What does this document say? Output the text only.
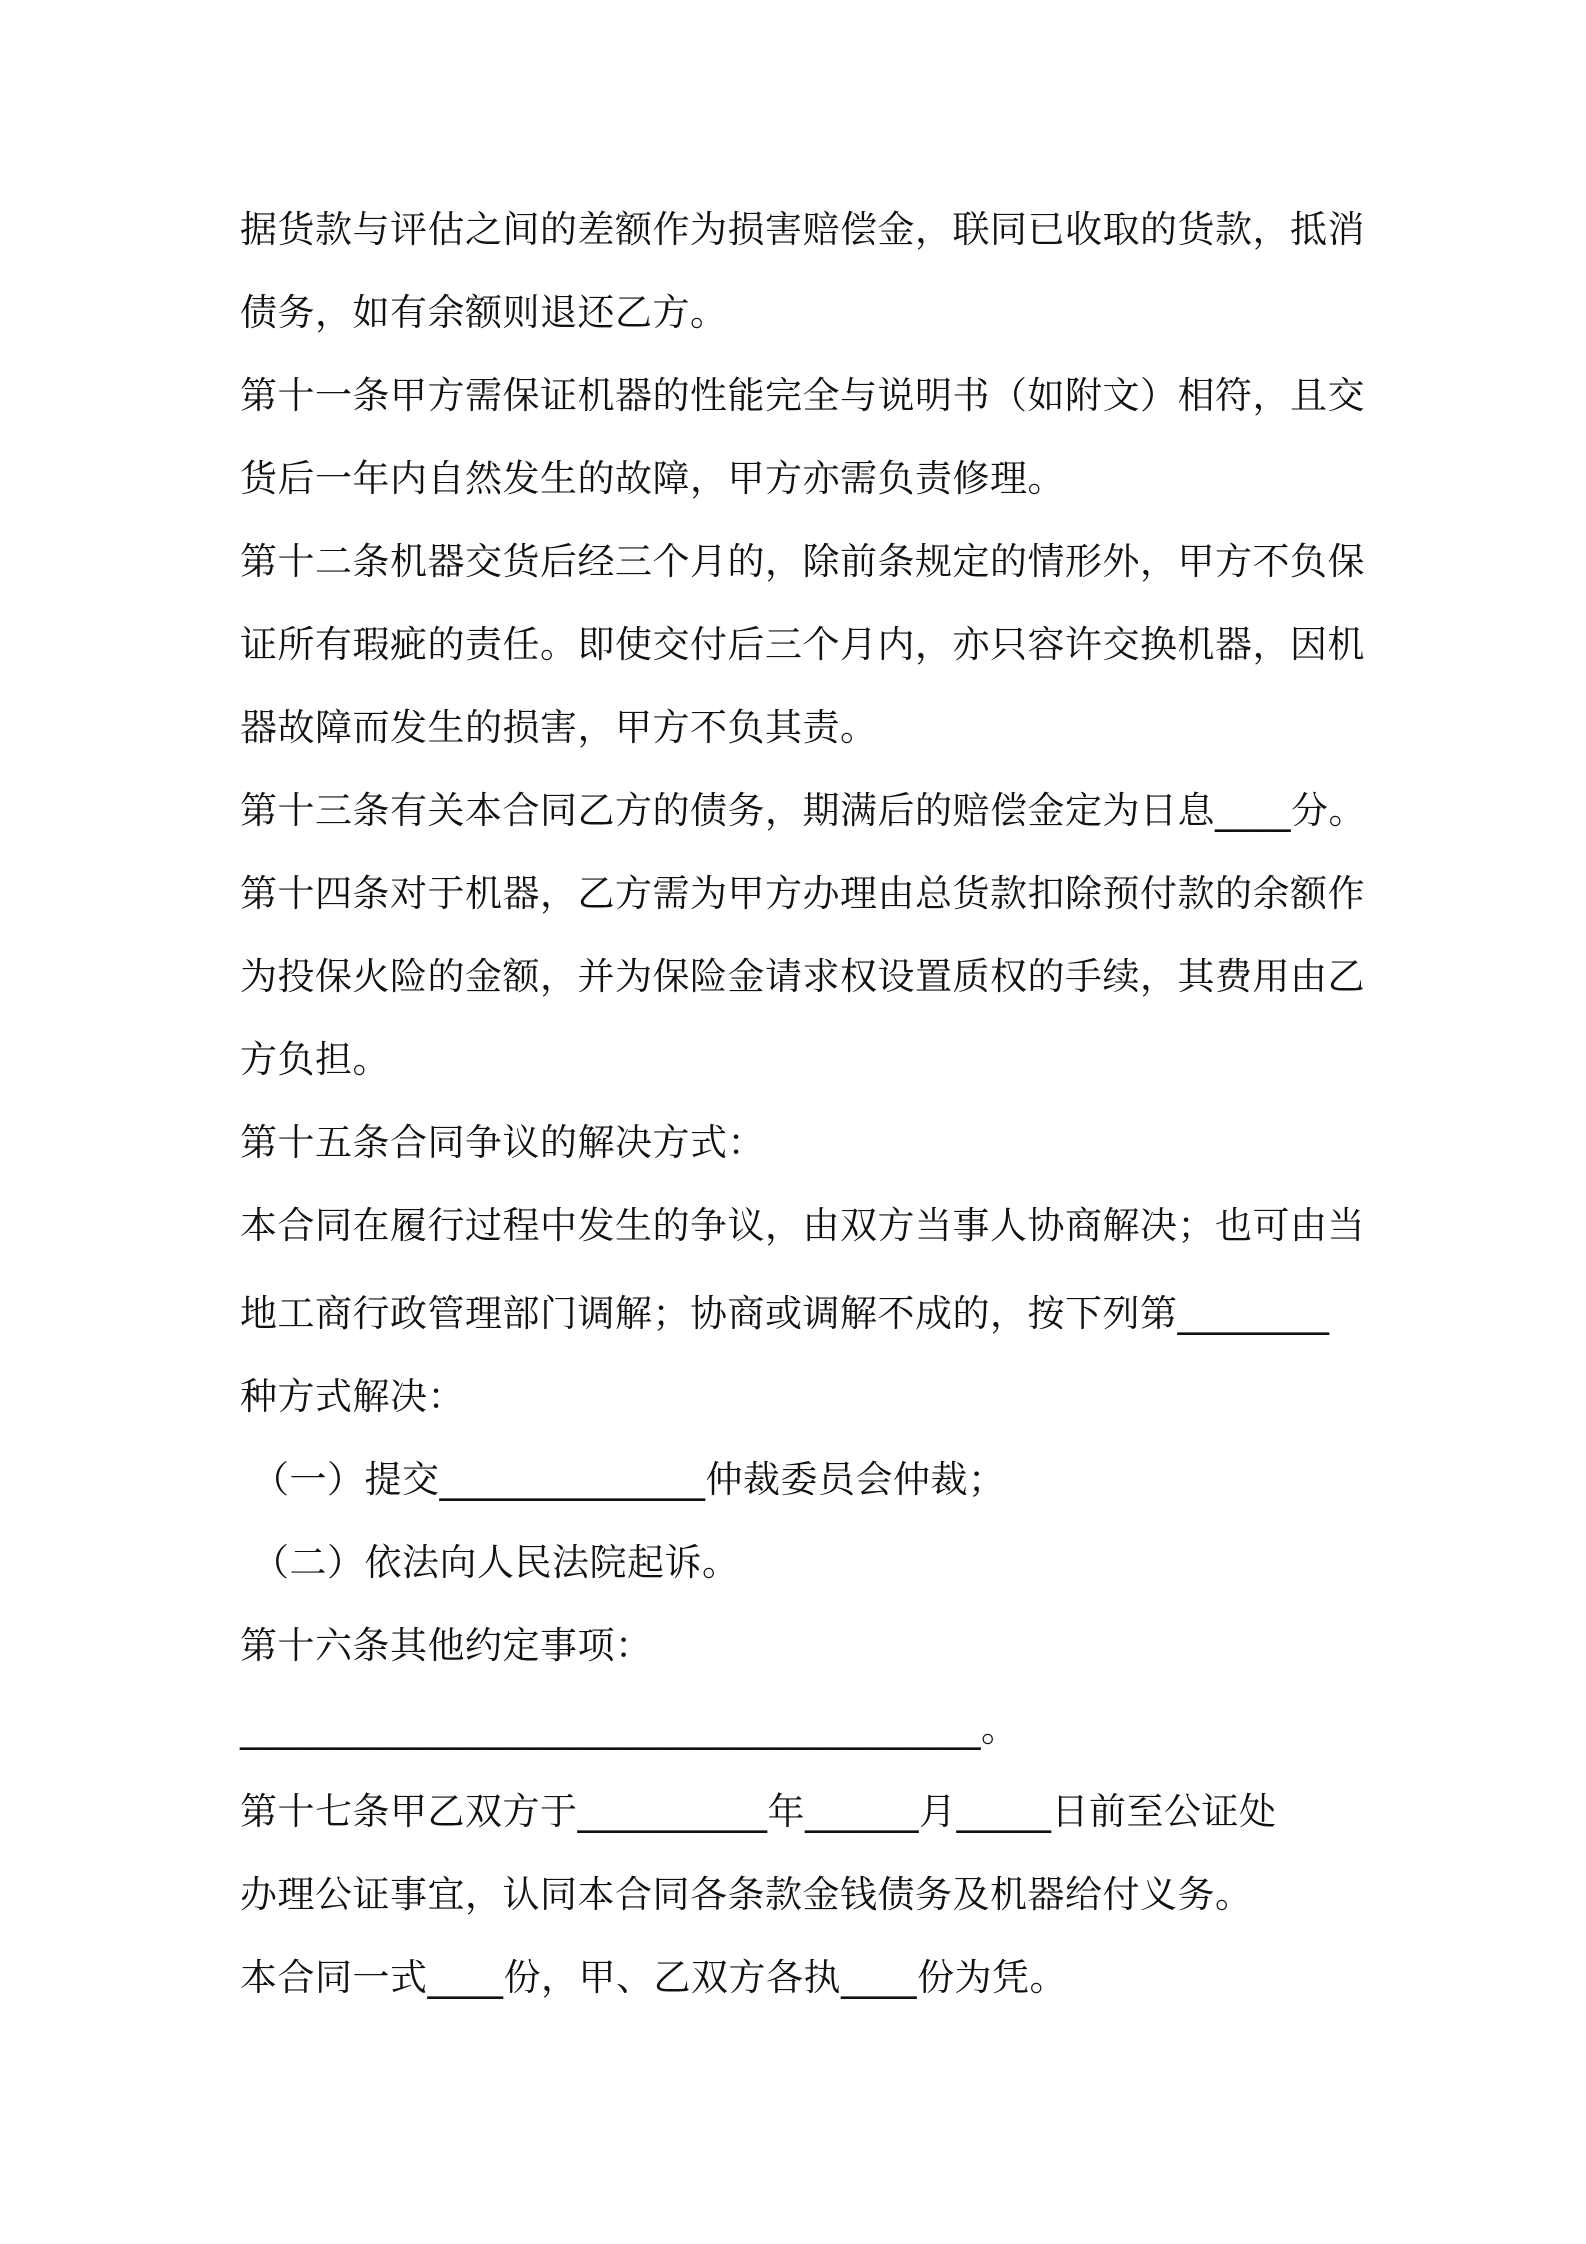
据货款与评估之间的差额作为损害赔偿金，联同已收取的货款，抵消
债务，如有余额则退还乙方。
第十一条甲方需保证机器的性能完全与说明书（如附文）相符，且交
货后一年内自然发生的故障，甲方亦需负责修理。
第十二条机器交货后经三个月的，除前条规定的情形外，甲方不负保
证所有瑕疵的责任。即使交付后三个月内，亦只容许交换机器，因机
器故障而发生的损害，甲方不负其责。
第十三条有关本合同乙方的债务，期满后的赔偿金定为日息____分。
第十四条对于机器，乙方需为甲方办理由总货款扣除预付款的余额作
为投保火险的金额，并为保险金请求权设置质权的手续，其费用由乙
方负担。
第十五条合同争议的解决方式：
本合同在履行过程中发生的争议，由双方当事人协商解决；也可由当
地工商行政管理部门调解；协商或调解不成的，按下列第________
种方式解决：
（一）提交______________仲裁委员会仲裁；
（二）依法向人民法院起诉。
第十六条其他约定事项：
_______________________________________。
第十七条甲乙双方于__________年______月_____日前至公证处
办理公证事宜，认同本合同各条款金钱债务及机器给付义务。
本合同一式____份，甲、乙双方各执____份为凭。
